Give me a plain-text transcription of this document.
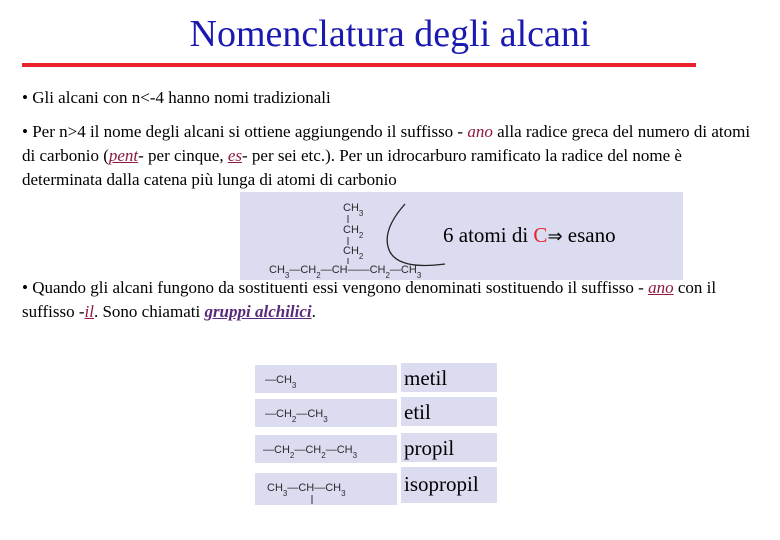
Nomenclatura degli alcani
• Gli alcani con n<-4 hanno nomi tradizionali
• Per n>4 il nome degli alcani si ottiene aggiungendo il suffisso - ano alla radice greca del numero di atomi di carbonio (pent- per cinque, es- per sei etc.). Per un idrocarburo ramificato la radice del nome è determinata dalla catena più lunga di atomi di carbonio
$CH_3$
$CH_2$
$CH_2$
$CH_3—CH_2—CH——CH_2—CH_3$
6 atomi di C⇒ esano
• Quando gli alcani fungono da sostituenti essi vengono denominati sostituendo il suffisso - ano con il suffisso -il. Sono chiamati gruppi alchilici.
$—CH_3$
$—CH_2—CH_3$
$—CH_2—CH_2—CH_3$
$CH_3—CH—CH_3$
metil
etil
propil
isopropil
